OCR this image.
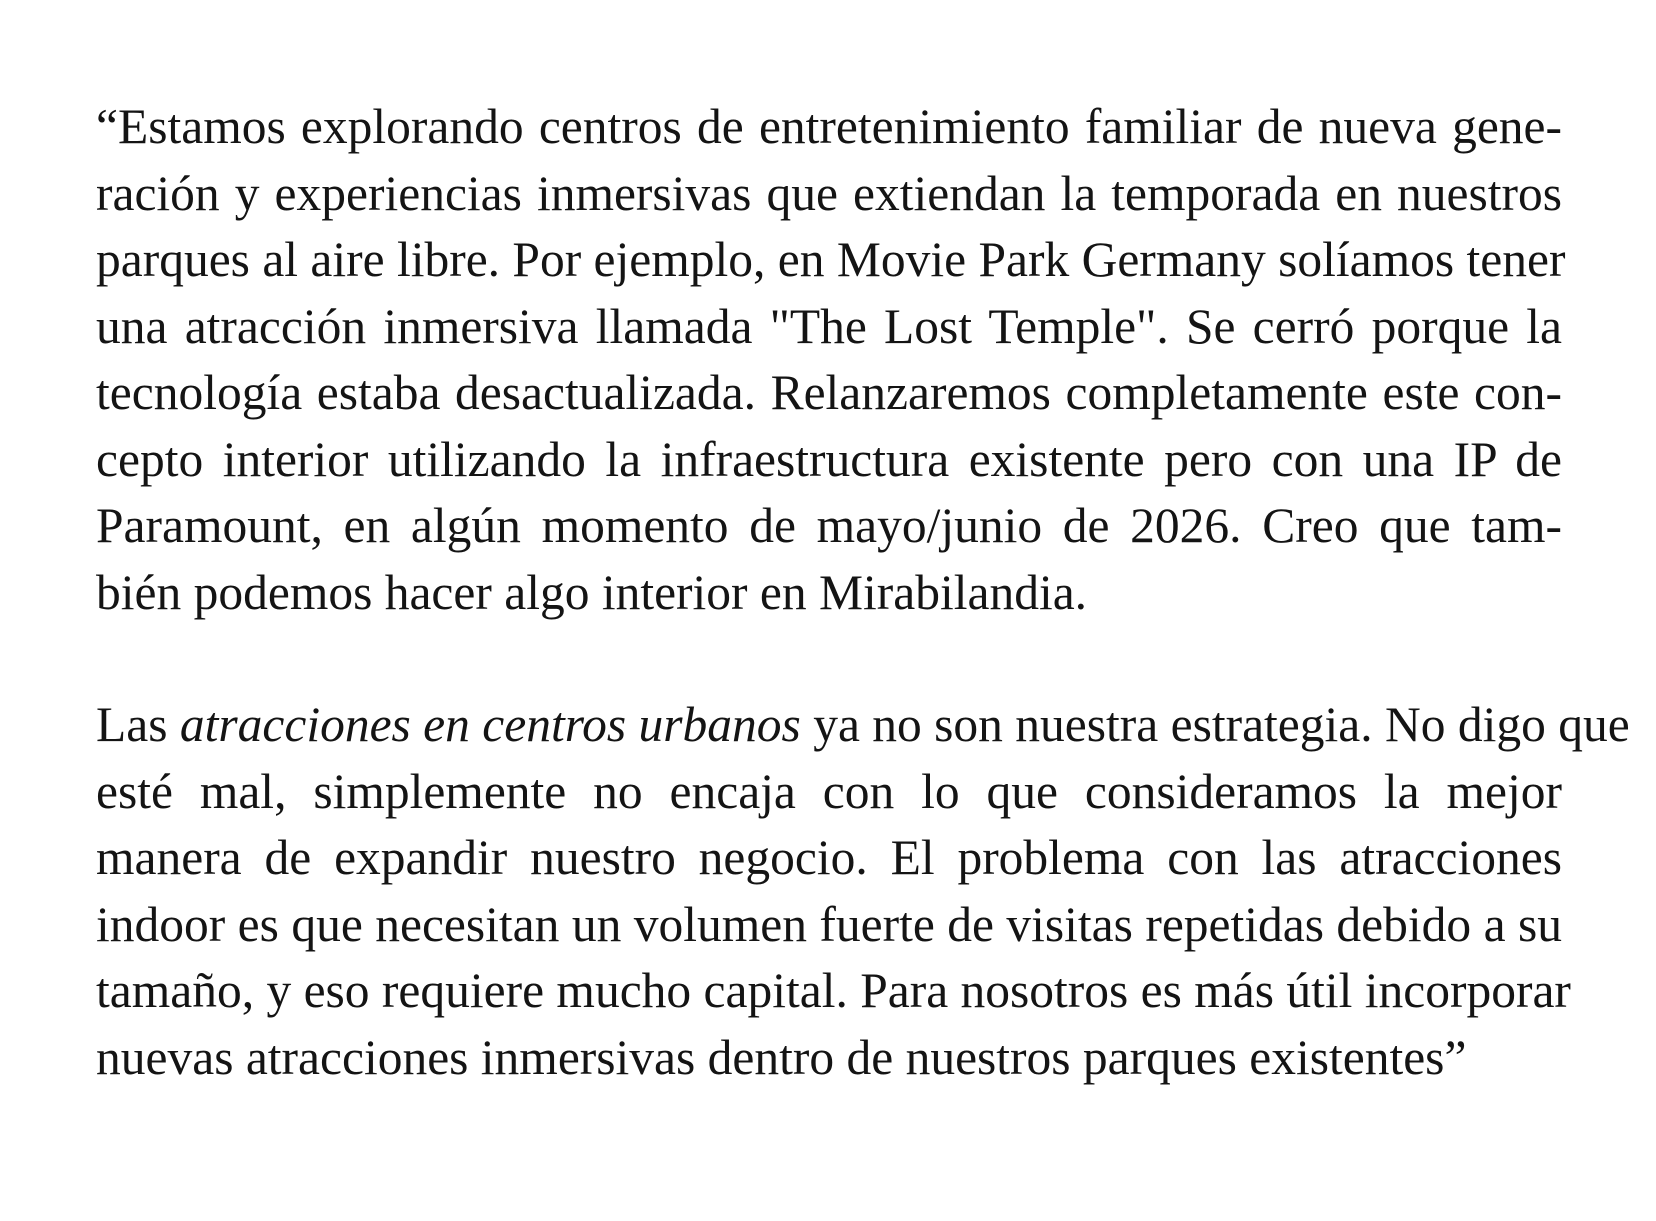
“Estamos explorando centros de entretenimiento familiar de nueva gene-
ración y experiencias inmersivas que extiendan la temporada en nuestros
parques al aire libre. Por ejemplo, en Movie Park Germany solíamos tener
una atracción inmersiva llamada "The Lost Temple". Se cerró porque la
tecnología estaba desactualizada. Relanzaremos completamente este con-
cepto interior utilizando la infraestructura existente pero con una IP de
Paramount, en algún momento de mayo/junio de 2026. Creo que tam-
bién podemos hacer algo interior en Mirabilandia.
Las atracciones en centros urbanos ya no son nuestra estrategia. No digo que
esté mal, simplemente no encaja con lo que consideramos la mejor
manera de expandir nuestro negocio. El problema con las atracciones
indoor es que necesitan un volumen fuerte de visitas repetidas debido a su
tamaño, y eso requiere mucho capital. Para nosotros es más útil incorporar
nuevas atracciones inmersivas dentro de nuestros parques existentes”
